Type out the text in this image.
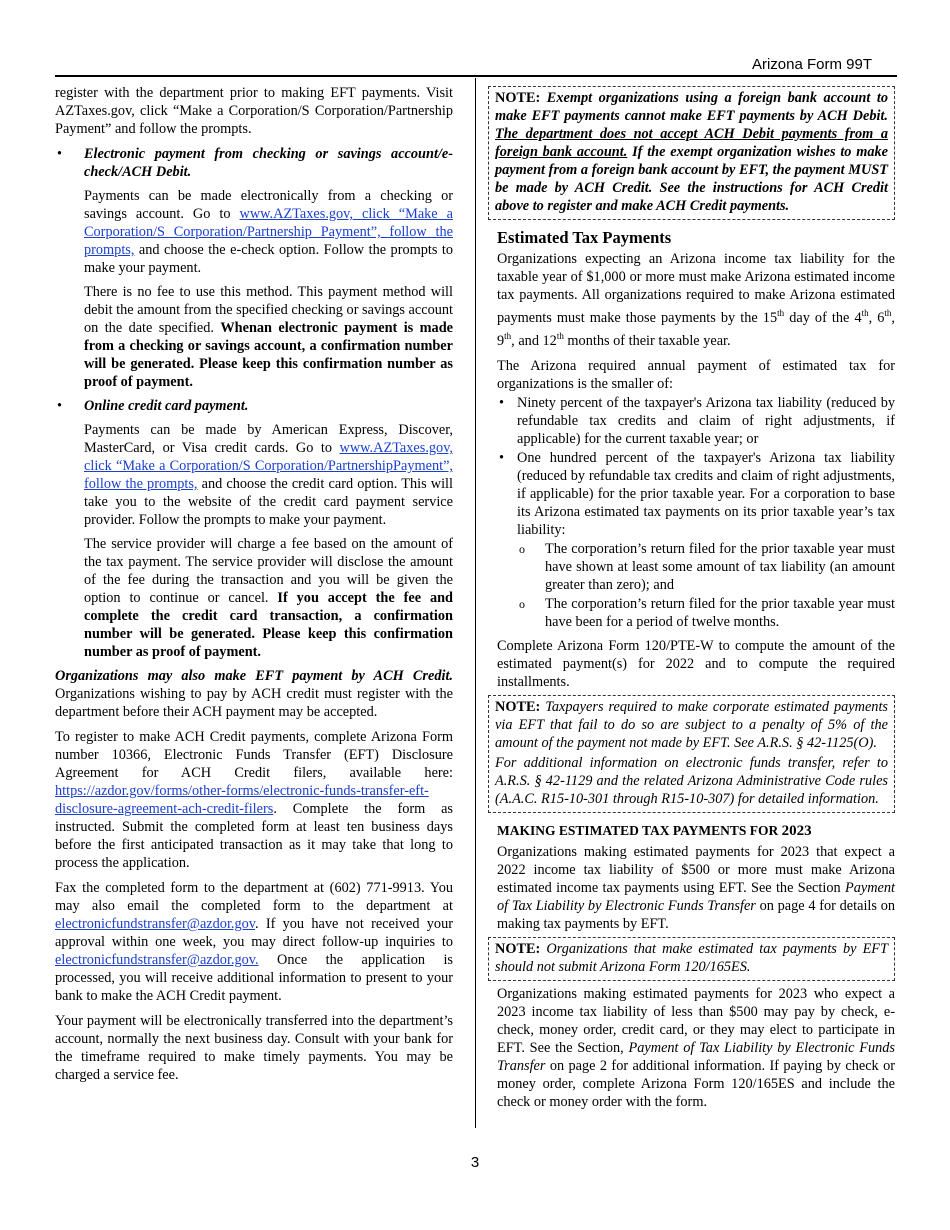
Arizona Form 99T

register with the department prior to making EFT payments. Visit AZTaxes.gov, click “Make a Corporation/S Corporation/Partnership Payment” and follow the prompts.

• Electronic payment from checking or savings account/e-check/ACH Debit.

Payments can be made electronically from a checking or savings account. Go to www.AZTaxes.gov, click “Make a Corporation/S Corporation/Partnership Payment”, follow the prompts, and choose the e-check option. Follow the prompts to make your payment.

There is no fee to use this method. This payment method will debit the amount from the specified checking or savings account on the date specified. Whenan electronic payment is made from a checking or savings account, a confirmation number will be generated. Please keep this confirmation number as proof of payment.

• Online credit card payment.

Payments can be made by American Express, Discover, MasterCard, or Visa credit cards. Go to www.AZTaxes.gov, click “Make a Corporation/S Corporation/PartnershipPayment”, follow the prompts, and choose the credit card option. This will take you to the website of the credit card payment service provider. Follow the prompts to make your payment.

The service provider will charge a fee based on the amount of the tax payment. The service provider will disclose the amount of the fee during the transaction and you will be given the option to continue or cancel. If you accept the fee and complete the credit card transaction, a confirmation number will be generated. Please keep this confirmation number as proof of payment.

Organizations may also make EFT payment by ACH Credit. Organizations wishing to pay by ACH credit must register with the department before their ACH payment may be accepted.

To register to make ACH Credit payments, complete Arizona Form number 10366, Electronic Funds Transfer (EFT) Disclosure Agreement for ACH Credit filers, available here: https://azdor.gov/forms/other-forms/electronic-funds-transfer-eft-disclosure-agreement-ach-credit-filers. Complete the form as instructed. Submit the completed form at least ten business days before the first anticipated transaction as it may take that long to process the application.

Fax the completed form to the department at (602) 771-9913. You may also email the completed form to the department at electronicfundstransfer@azdor.gov. If you have not received your approval within one week, you may direct follow-up inquiries to electronicfundstransfer@azdor.gov. Once the application is processed, you will receive additional information to present to your bank to make the ACH Credit payment.

Your payment will be electronically transferred into the department’s account, normally the next business day. Consult with your bank for the timeframe required to make timely payments. You may be charged a service fee.

NOTE: Exempt organizations using a foreign bank account to make EFT payments cannot make EFT payments by ACH Debit. The department does not accept ACH Debit payments from a foreign bank account. If the exempt organization wishes to make payment from a foreign bank account by EFT, the payment MUST be made by ACH Credit. See the instructions for ACH Credit above to register and make ACH Credit payments.

Estimated Tax Payments

Organizations expecting an Arizona income tax liability for the taxable year of $1,000 or more must make Arizona estimated income tax payments. All organizations required to make Arizona estimated payments must make those payments by the 15th day of the 4th, 6th, 9th, and 12th months of their taxable year.

The Arizona required annual payment of estimated tax for organizations is the smaller of:

• Ninety percent of the taxpayer's Arizona tax liability (reduced by refundable tax credits and claim of right adjustments, if applicable) for the current taxable year; or
• One hundred percent of the taxpayer's Arizona tax liability (reduced by refundable tax credits and claim of right adjustments, if applicable) for the prior taxable year. For a corporation to base its Arizona estimated tax payments on its prior taxable year’s tax liability:
o The corporation’s return filed for the prior taxable year must have shown at least some amount of tax liability (an amount greater than zero); and
o The corporation’s return filed for the prior taxable year must have been for a period of twelve months.

Complete Arizona Form 120/PTE-W to compute the amount of the estimated payment(s) for 2022 and to compute the required installments.

NOTE: Taxpayers required to make corporate estimated payments via EFT that fail to do so are subject to a penalty of 5% of the amount of the payment not made by EFT. See A.R.S. § 42-1125(O).

For additional information on electronic funds transfer, refer to A.R.S. § 42-1129 and the related Arizona Administrative Code rules (A.A.C. R15-10-301 through R15-10-307) for detailed information.

MAKING ESTIMATED TAX PAYMENTS FOR 2023

Organizations making estimated payments for 2023 that expect a 2022 income tax liability of $500 or more must make Arizona estimated income tax payments using EFT. See the Section Payment of Tax Liability by Electronic Funds Transfer on page 4 for details on making tax payments by EFT.

NOTE: Organizations that make estimated tax payments by EFT should not submit Arizona Form 120/165ES.

Organizations making estimated payments for 2023 who expect a 2023 income tax liability of less than $500 may pay by check, e-check, money order, credit card, or they may elect to participate in EFT. See the Section, Payment of Tax Liability by Electronic Funds Transfer on page 2 for additional information. If paying by check or money order, complete Arizona Form 120/165ES and include the check or money order with the form.

3
